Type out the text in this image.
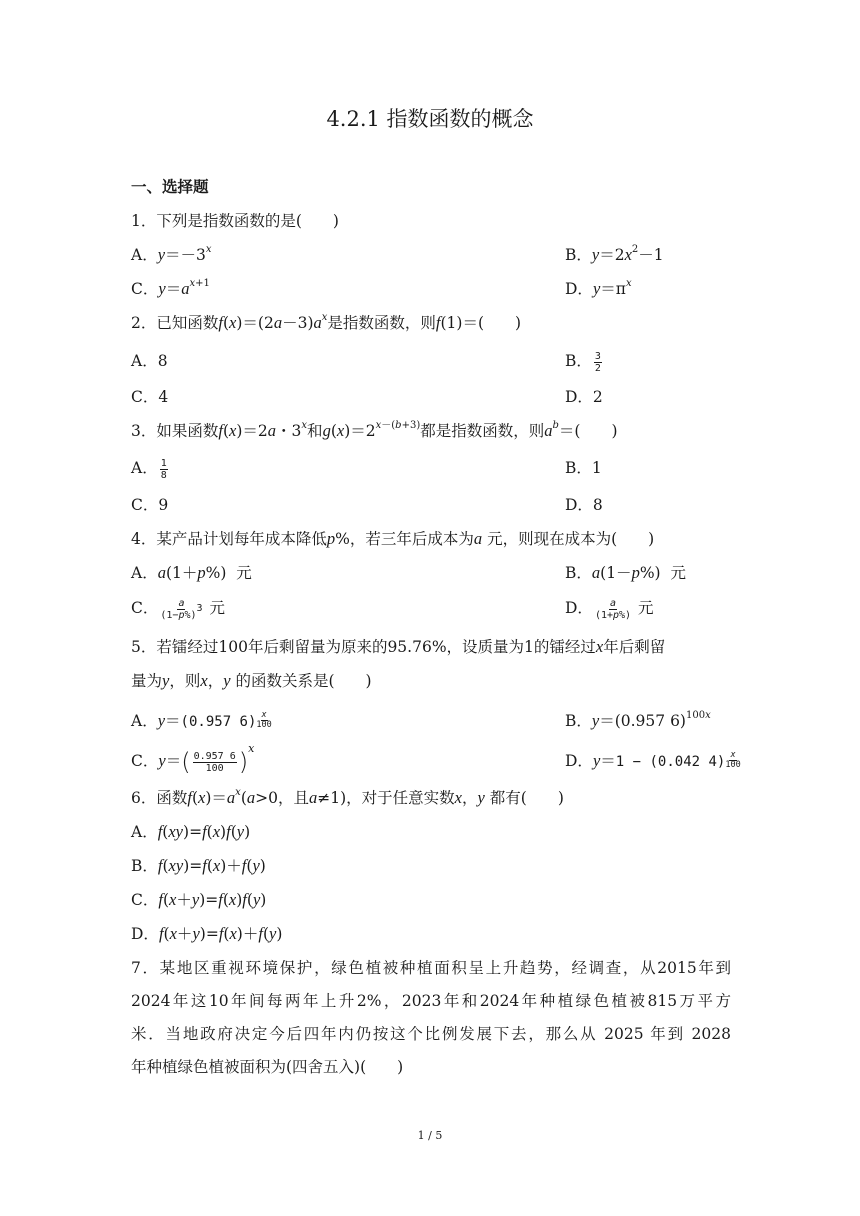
4.2.1 指数函数的概念
一、选择题
1．下列是指数函数的是(　　)
A．$y=-3^x$	B．$y=2x^2-1$
C．$y=a^{x+1}$	D．$y=\pi^x$
2．已知函数$f(x)=(2a-3)a^x$是指数函数，则f(1)＝(　　)
A．8	B． $\frac{3}{2}$
C．4	D．2
3．如果函数f(x)＝2a・3$^x$和$g(x)=2^{x-(b+3)}$都是指数函数，则$a^b=$(　　)
A． $\frac{1}{8}$	B．1
C．9	D．8
4．某产品计划每年成本降低p%，若三年后成本为a 元，则现在成本为(　　)
A．a(1＋p%)  元	B．a(1－p%)  元
C． $\frac{a}{(1-p\%)^3}$ 元	D． $\frac{a}{(1+p\%)}$ 元
5．若镭经过100年后剩留量为原来的95.76%，设质量为1的镭经过x年后剩留
量为y，则x，y 的函数关系是(　　)
A．y＝(0.957 $6) \frac{x}{100}$	B．y＝(0.957 6)$^{100x}$
C．$y=( \frac{0.957 6}{100} )^x$
D．y＝1 − (0.042 $4) \frac{x}{100}$
6．函数$f(x)=a^x(a>0$，且a≠1)，对于任意实数x，y 都有(　　)
A．f(xy)=f(x)f(y)
B．f(xy)=f(x)＋f(y)
C．f(x＋y)=f(x)f(y)
D．f(x＋y)=f(x)＋f(y)
7．某地区重视环境保护，绿色植被种植面积呈上升趋势，经调查，从2015年到
2024年这10年间每两年上升2%，2023年和2024年种植绿色植被815万平方
米．当地政府决定今后四年内仍按这个比例发展下去，那么从 2025 年到 2028
年种植绿色植被面积为(四舍五入)(　　)
1 / 5
